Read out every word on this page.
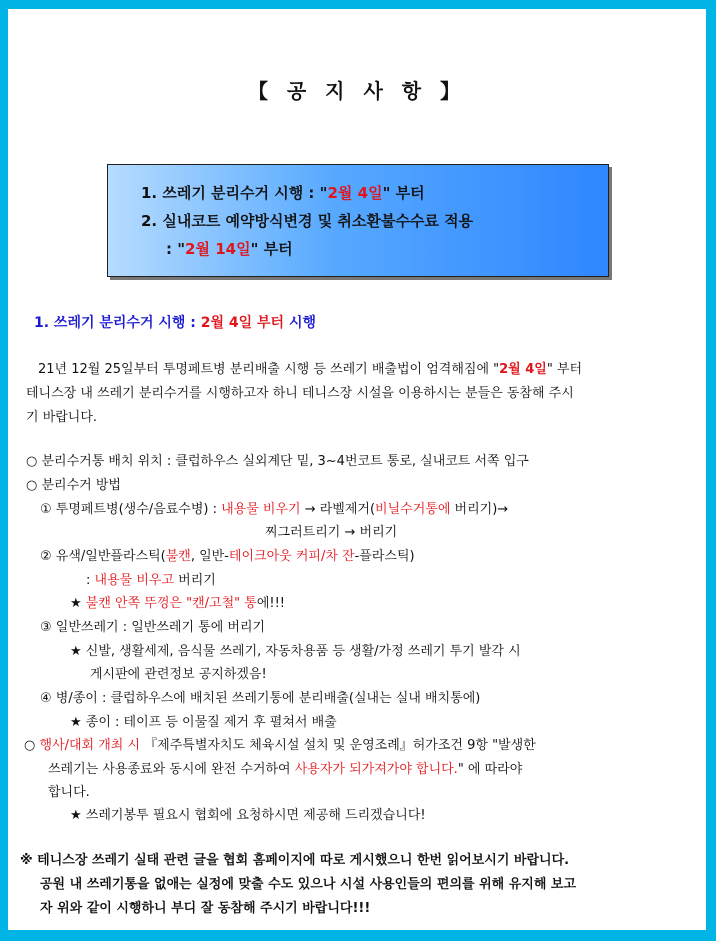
【 공 지 사 항 】
1. 쓰레기 분리수거 시행 : "2월 4일" 부터
2. 실내코트 예약방식변경 및 취소환불수수료 적용
: "2월 14일" 부터
1. 쓰레기 분리수거 시행 : 2월 4일 부터 시행
21년 12월 25일부터 투명페트병 분리배출 시행 등 쓰레기 배출법이 엄격해짐에 "2월 4일" 부터
테니스장 내 쓰레기 분리수거를 시행하고자 하니 테니스장 시설을 이용하시는 분들은 동참해 주시
기 바랍니다.
○ 분리수거통 배치 위치 : 클럽하우스 실외계단 밑, 3~4번코트 통로, 실내코트 서쪽 입구
○ 분리수거 방법
① 투명페트병(생수/음료수병) : 내용물 비우기 → 라벨제거(비닐수거통에 버리기)→
찌그러트리기 → 버리기
② 유색/일반플라스틱(불캔, 일반-테이크아웃 커피/차 잔-플라스틱)
: 내용물 비우고 버리기
★ 불캔 안쪽 뚜껑은 "캔/고철" 통에!!!
③ 일반쓰레기 : 일반쓰레기 통에 버리기
★ 신발, 생활세제, 음식물 쓰레기, 자동차용품 등 생활/가정 쓰레기 투기 발각 시
게시판에 관련정보 공지하겠음!
④ 병/종이 : 클럽하우스에 배치된 쓰레기통에 분리배출(실내는 실내 배치통에)
★ 종이 : 테이프 등 이물질 제거 후 펼쳐서 배출
○ 행사/대회 개최 시 『제주특별자치도 체육시설 설치 및 운영조례』허가조건 9항 "발생한
쓰레기는 사용종료와 동시에 완전 수거하여 사용자가 되가져가야 합니다." 에 따라야
합니다.
★ 쓰레기봉투 필요시 협회에 요청하시면 제공해 드리겠습니다!
※ 테니스장 쓰레기 실태 관련 글을 협회 홈페이지에 따로 게시했으니 한번 읽어보시기 바랍니다.
공원 내 쓰레기통을 없애는 실정에 맞출 수도 있으나 시설 사용인들의 편의를 위해 유지해 보고
자 위와 같이 시행하니 부디 잘 동참해 주시기 바랍니다!!!
